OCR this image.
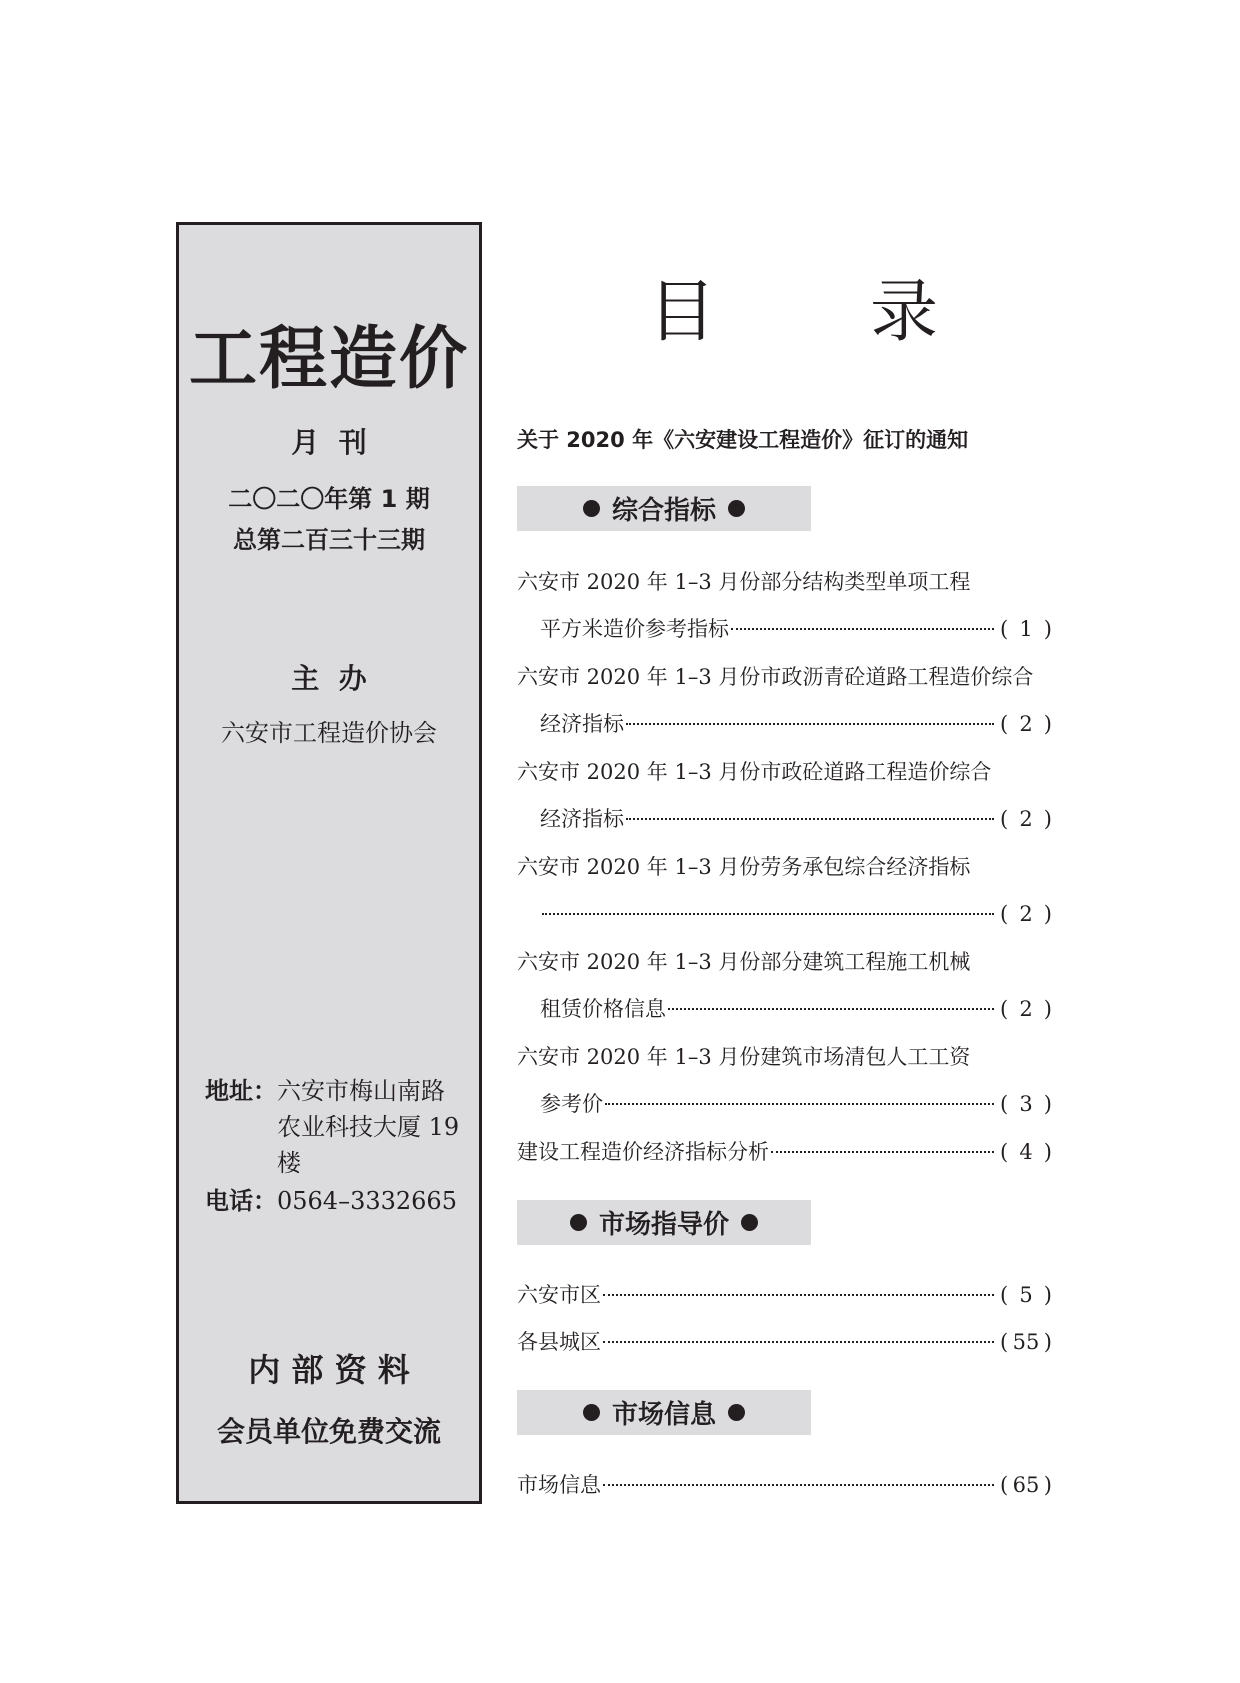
工程造价
月  刊
二〇二〇年第 1 期
总第二百三十三期
主  办
六安市工程造价协会
地址： 六安市梅山南路农业科技大厦 19 楼
电话： 0564–3332665
内 部 资 料
会员单位免费交流
目 录
关于 2020 年《六安建设工程造价》征订的通知
综合指标
六安市 2020 年 1–3 月份部分结构类型单项工程
平方米造价参考指标	( 1 )
六安市 2020 年 1–3 月份市政沥青砼道路工程造价综合
经济指标	( 2 )
六安市 2020 年 1–3 月份市政砼道路工程造价综合
经济指标	( 2 )
六安市 2020 年 1–3 月份劳务承包综合经济指标
( 2 )
六安市 2020 年 1–3 月份部分建筑工程施工机械
租赁价格信息	( 2 )
六安市 2020 年 1–3 月份建筑市场清包人工工资
参考价	( 3 )
建设工程造价经济指标分析	( 4 )
市场指导价
六安市区	( 5 )
各县城区	( 55 )
市场信息
市场信息	( 65 )
